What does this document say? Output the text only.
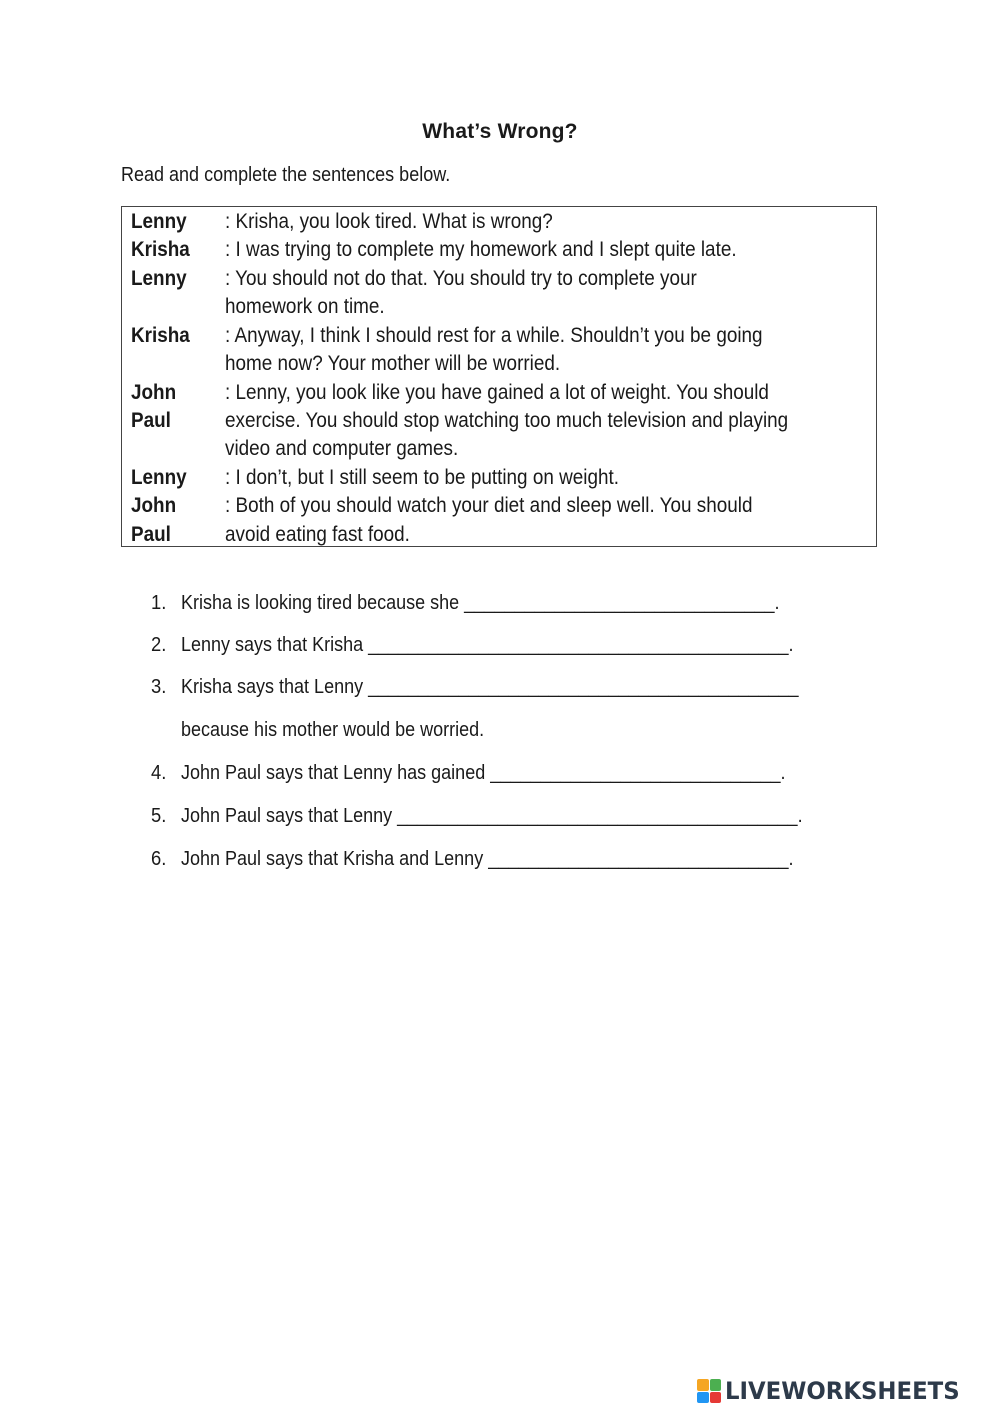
What’s Wrong?
Read and complete the sentences below.
Lenny
Krisha
Lenny
Krisha
John
Paul
Lenny
John
Paul
: Krisha, you look tired. What is wrong?
: I was trying to complete my homework and I slept quite late.
: You should not do that. You should try to complete your
homework on time.
: Anyway, I think I should rest for a while. Shouldn’t you be going
home now? Your mother will be worried.
: Lenny, you look like you have gained a lot of weight. You should
exercise. You should stop watching too much television and playing
video and computer games.
: I don’t, but I still seem to be putting on weight.
: Both of you should watch your diet and sleep well. You should
avoid eating fast food.
1. Krisha is looking tired because she _______________________________.
2. Lenny says that Krisha __________________________________________.
3. Krisha says that Lenny ___________________________________________
because his mother would be worried.
4. John Paul says that Lenny has gained _____________________________.
5. John Paul says that Lenny ________________________________________.
6. John Paul says that Krisha and Lenny ______________________________.
LIVEWORKSHEETS
